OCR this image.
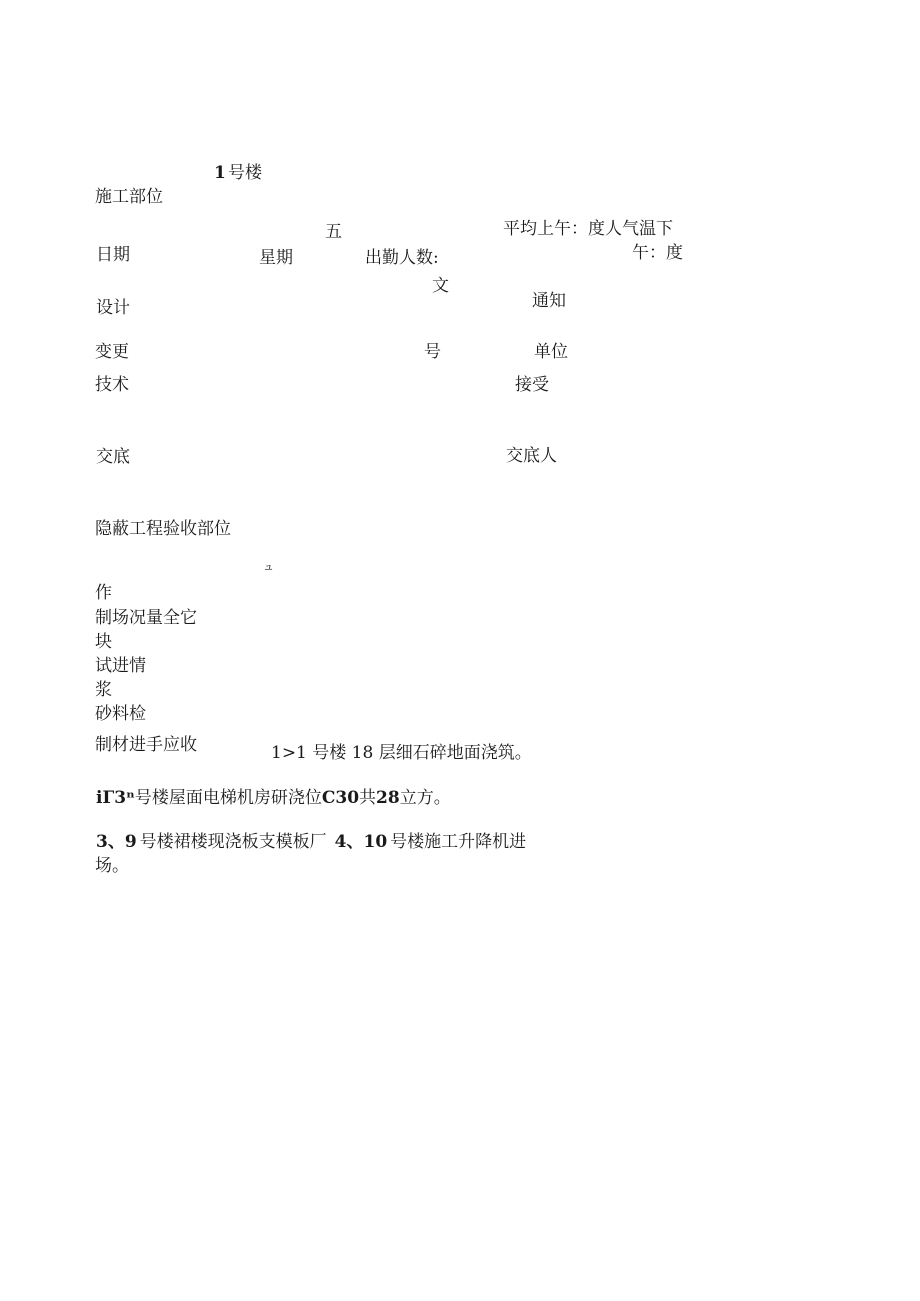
1 号楼
施工部位
五	平均上午：度人气温下
日期	星期	出勤人数:	午：度
文
通知
设计
变更	号	单位
技术	接受
交底	交底人
隐蔽工程验收部位
ュ
作
制场况量全它
块
试进情
浆
砂料检
制材进手应收	1>1 号楼 18 层细石碎地面浇筑。
iГ3ⁿ号楼屋面电梯机房研浇位C30共28立方。
3、9 号楼裙楼现浇板支模板厂 4、10 号楼施工升降机进
场。
